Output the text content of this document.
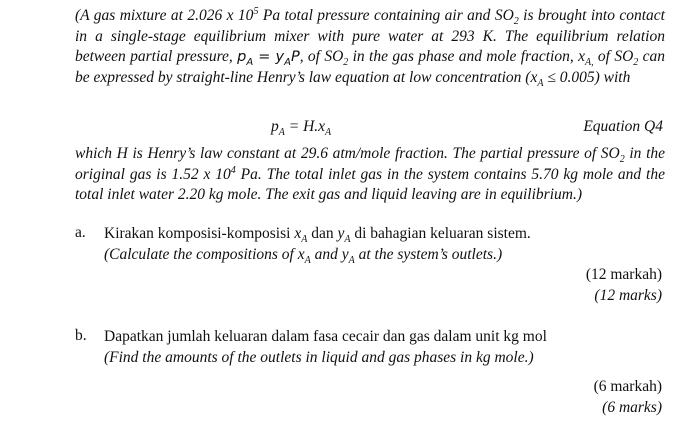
(A gas mixture at 2.026 x $10^5$ Pa total pressure containing air and $SO_2$ is brought into contact in a single-stage equilibrium mixer with pure water at 293 K. The equilibrium relation between partial pressure, $p_A = y_AP$, of $SO_2$ in the gas phase and mole fraction, $x_{A,}$ of $SO_2$ can be expressed by straight-line Henry’s law equation at low concentration $(x_A \le 0.005)$ with
$p_A = H.x_A$	Equation Q4
which H is Henry’s law constant at 29.6 atm/mole fraction. The partial pressure of $SO_2$ in the original gas is 1.52 x $10^4$ Pa. The total inlet gas in the system contains 5.70 kg mole and the total inlet water 2.20 kg mole. The exit gas and liquid leaving are in equilibrium.)
a. Kirakan komposisi-komposisi $x_A$ dan $y_A$ di bahagian keluaran sistem.
(Calculate the compositions of $x_A$ and $y_A$ at the system’s outlets.)
(12 markah)
(12 marks)
b. Dapatkan jumlah keluaran dalam fasa cecair dan gas dalam unit kg mol
(Find the amounts of the outlets in liquid and gas phases in kg mole.)
(6 markah)
(6 marks)
